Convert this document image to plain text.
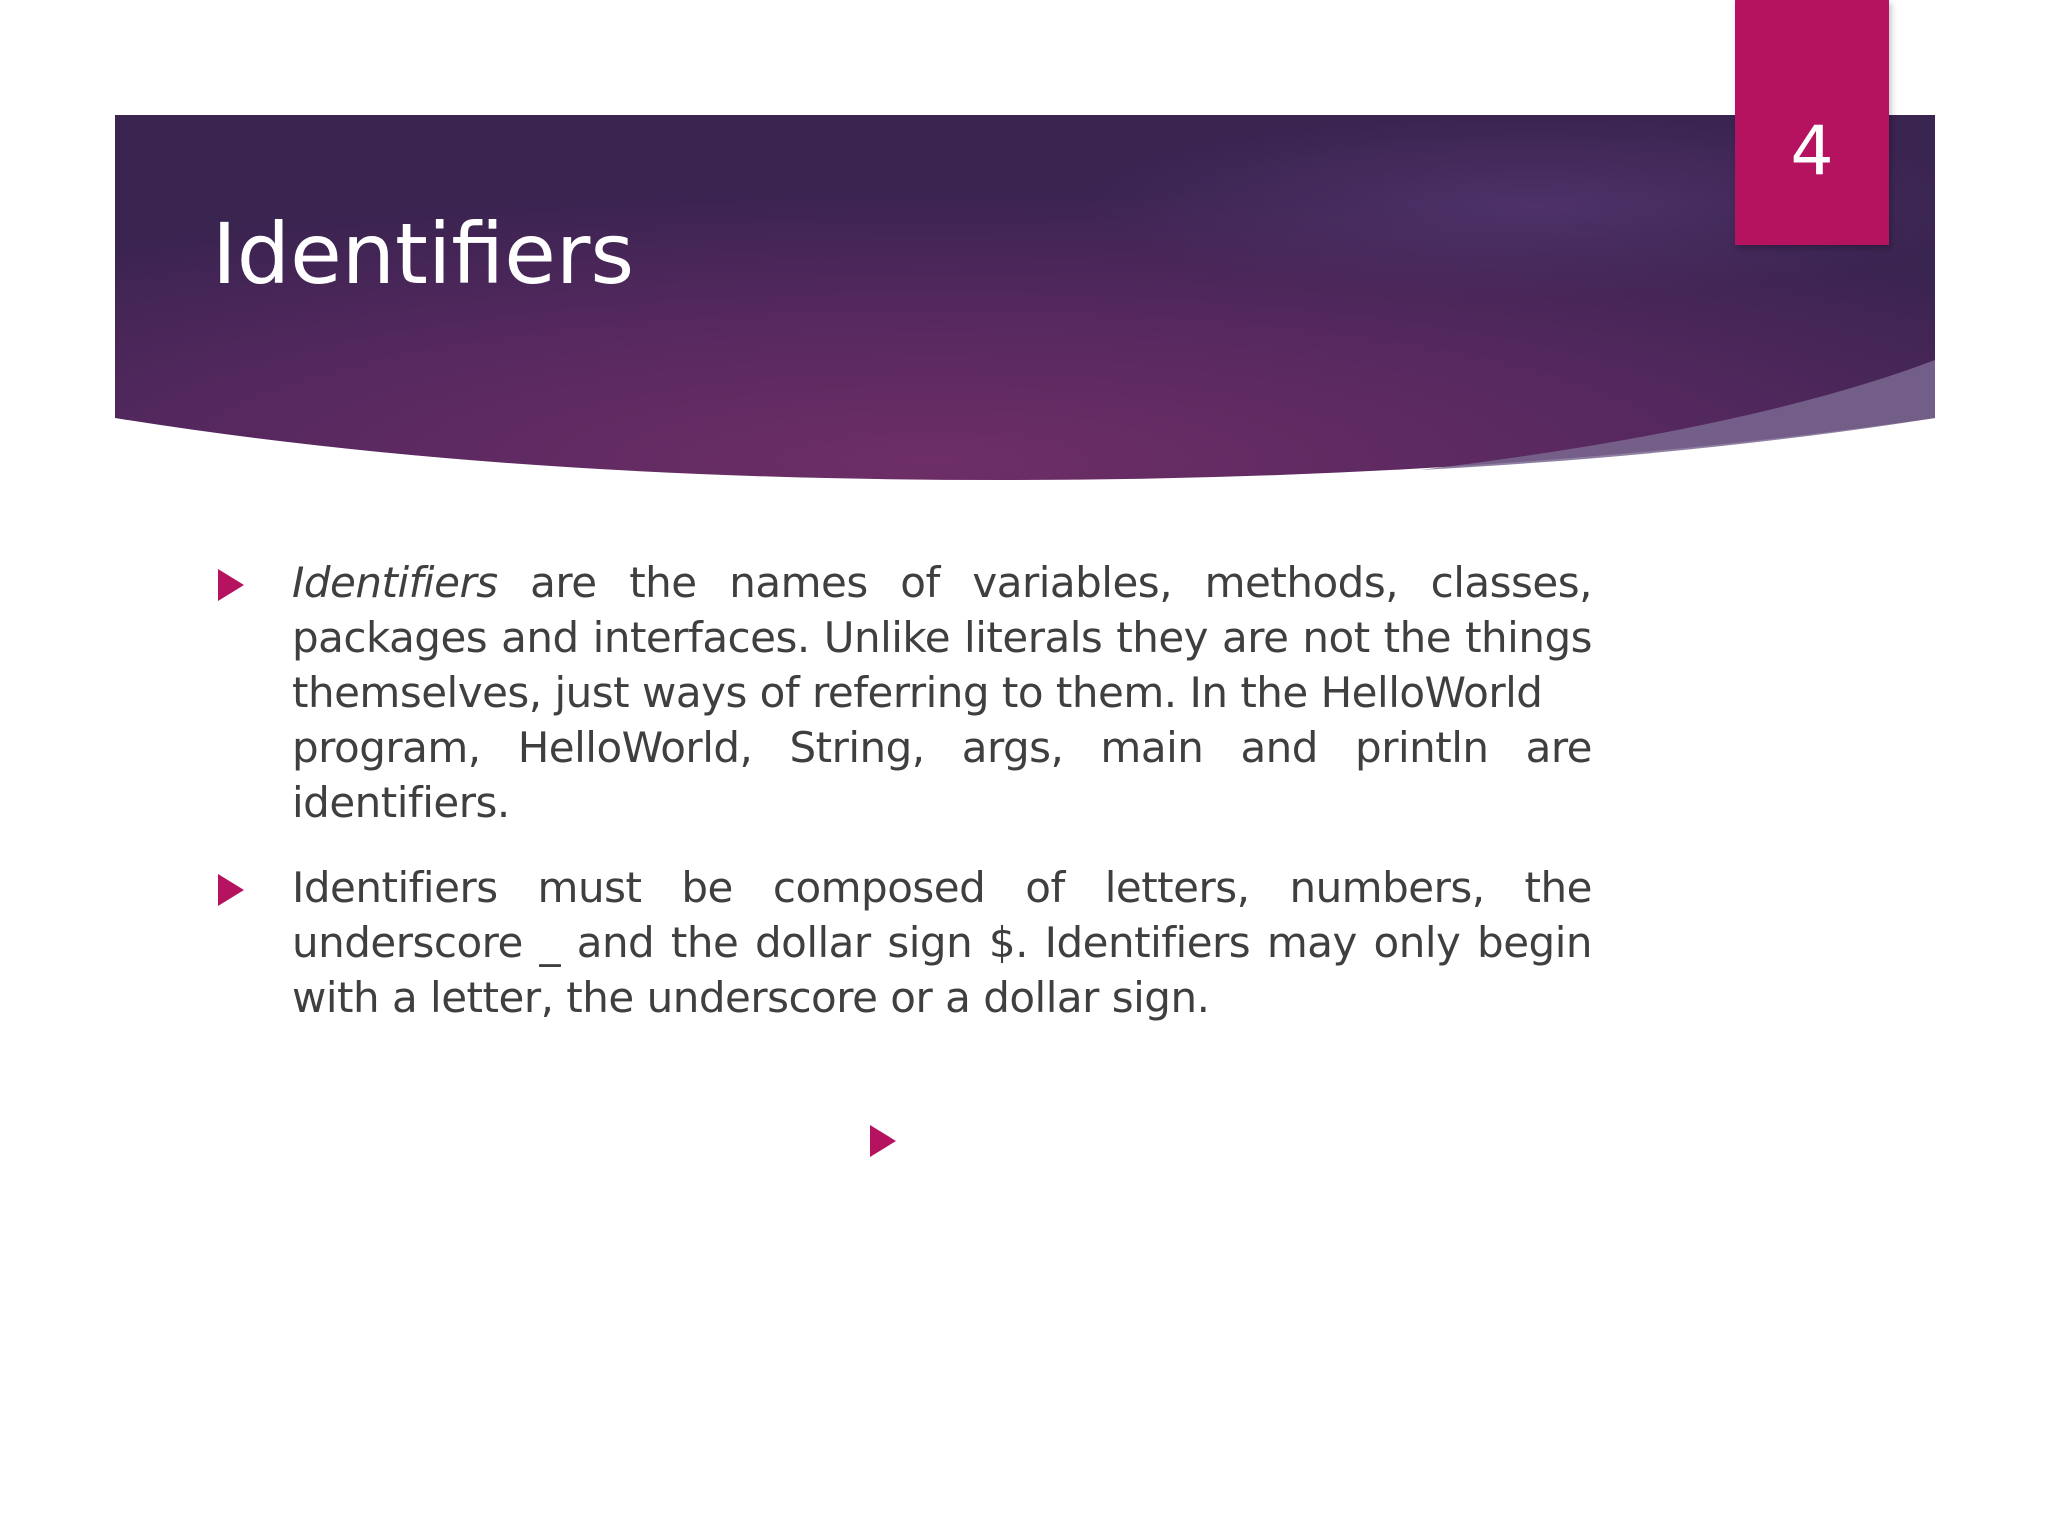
Identifiers
4
Identifiers are the names of variables, methods, classes, packages and interfaces. Unlike literals they are not the things themselves, just ways of referring to them. In the HelloWorld
program, HelloWorld, String, args, main and println are identifiers.
Identifiers must be composed of letters, numbers, the underscore _ and the dollar sign $. Identifiers may only begin with a letter, the underscore or a dollar sign.
